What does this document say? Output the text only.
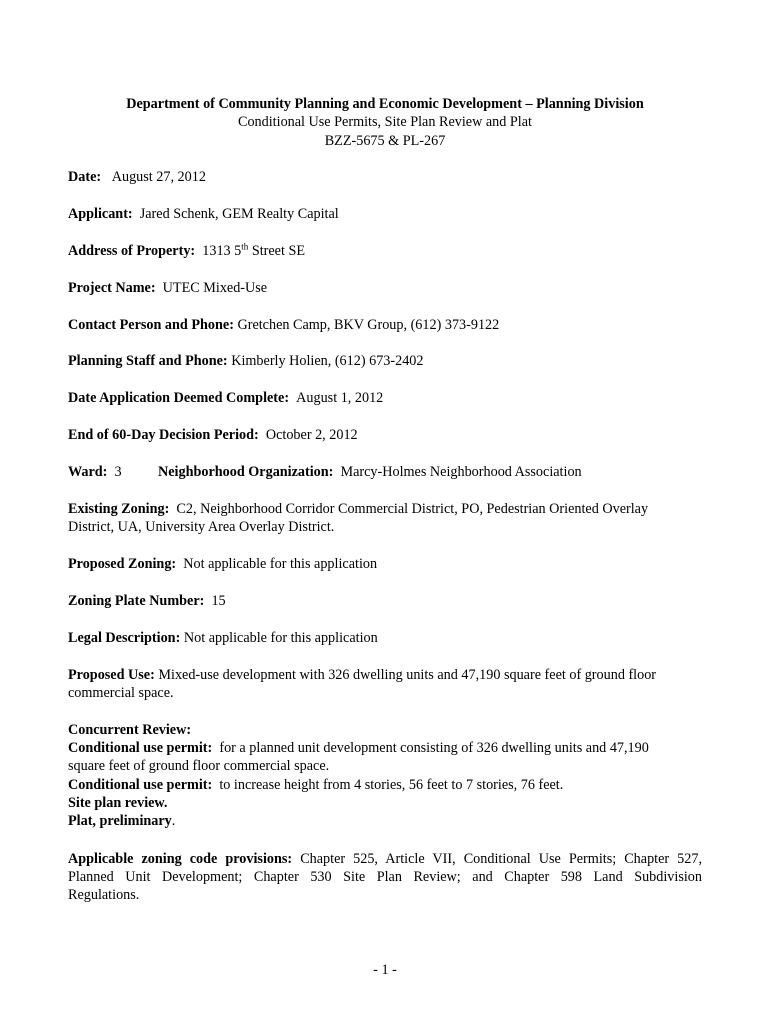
Department of Community Planning and Economic Development – Planning Division
Conditional Use Permits, Site Plan Review and Plat
BZZ-5675 & PL-267
Date: August 27, 2012
Applicant: Jared Schenk, GEM Realty Capital
Address of Property: 1313 5th Street SE
Project Name: UTEC Mixed-Use
Contact Person and Phone: Gretchen Camp, BKV Group, (612) 373-9122
Planning Staff and Phone: Kimberly Holien, (612) 673-2402
Date Application Deemed Complete: August 1, 2012
End of 60-Day Decision Period: October 2, 2012
Ward: 3	Neighborhood Organization: Marcy-Holmes Neighborhood Association
Existing Zoning: C2, Neighborhood Corridor Commercial District, PO, Pedestrian Oriented Overlay
District, UA, University Area Overlay District.
Proposed Zoning: Not applicable for this application
Zoning Plate Number: 15
Legal Description: Not applicable for this application
Proposed Use: Mixed-use development with 326 dwelling units and 47,190 square feet of ground floor
commercial space.
Concurrent Review:
Conditional use permit: for a planned unit development consisting of 326 dwelling units and 47,190
square feet of ground floor commercial space.
Conditional use permit: to increase height from 4 stories, 56 feet to 7 stories, 76 feet.
Site plan review.
Plat, preliminary.
Applicable zoning code provisions: Chapter 525, Article VII, Conditional Use Permits; Chapter 527,
Planned Unit Development; Chapter 530 Site Plan Review; and Chapter 598 Land Subdivision
Regulations.
- 1 -
